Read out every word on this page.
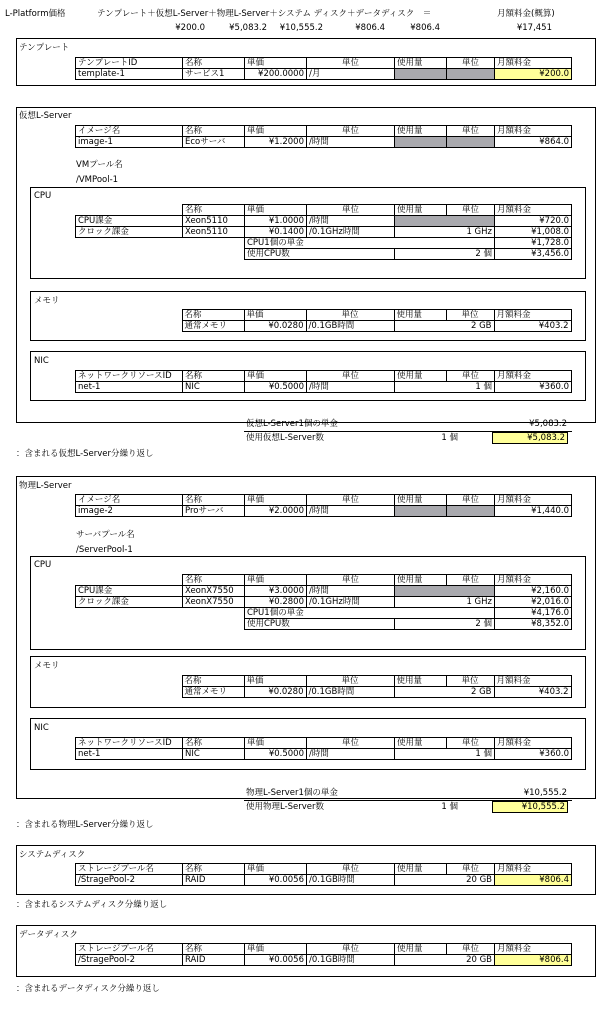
L-Platform価格	テンプレート＋仮想L-Server＋物理L-Server＋システム ディスク＋データディスク　＝	月額料金(概算)
¥200.0	¥5,083.2	¥10,555.2	¥806.4	¥806.4	¥17,451
テンプレート
テンプレートID	名称	単価	単位	使用量	単位	月額料金
template-1	サービス1	¥200.0000	/月			¥200.0
仮想L-Server
イメージ名	名称	単価	単位	使用量	単位	月額料金
image-1	Ecoサーバ	¥1.2000	/時間			¥864.0
VMプール名
/VMPool-1
CPU
	名称	単価	単位	使用量	単位	月額料金
CPU課金	Xeon5110	¥1.0000	/時間			¥720.0
クロック課金	Xeon5110	¥0.1400	/0.1GHz時間	1 GHz		¥1,008.0
		CPU1個の単金				¥1,728.0
		使用CPU数		2 個		¥3,456.0
メモリ
	名称	単価	単位	使用量	単位	月額料金
	通常メモリ	¥0.0280	/0.1GB時間	2 GB		¥403.2
NIC
ネットワークリソースID	名称	単価	単位	使用量	単位	月額料金
net-1	NIC	¥0.5000	/時間	1 個		¥360.0
仮想L-Server1個の単金	¥5,083.2
使用仮想L-Server数	1 個	¥5,083.2
：含まれる仮想L-Server分繰り返し
物理L-Server
イメージ名	名称	単価	単位	使用量	単位	月額料金
image-2	Proサーバ	¥2.0000	/時間			¥1,440.0
サーバプール名
/ServerPool-1
CPU
	名称	単価	単位	使用量	単位	月額料金
CPU課金	XeonX7550	¥3.0000	/時間			¥2,160.0
クロック課金	XeonX7550	¥0.2800	/0.1GHz時間	1 GHz		¥2,016.0
		CPU1個の単金				¥4,176.0
		使用CPU数		2 個		¥8,352.0
メモリ
	名称	単価	単位	使用量	単位	月額料金
	通常メモリ	¥0.0280	/0.1GB時間	2 GB		¥403.2
NIC
ネットワークリソースID	名称	単価	単位	使用量	単位	月額料金
net-1	NIC	¥0.5000	/時間	1 個		¥360.0
物理L-Server1個の単金	¥10,555.2
使用物理L-Server数	1 個	¥10,555.2
：含まれる物理L-Server分繰り返し
システムディスク
ストレージプール名	名称	単価	単位	使用量	単位	月額料金
/StragePool-2	RAID	¥0.0056	/0.1GB時間	20 GB		¥806.4
：含まれるシステムディスク分繰り返し
データディスク
ストレージプール名	名称	単価	単位	使用量	単位	月額料金
/StragePool-2	RAID	¥0.0056	/0.1GB時間	20 GB		¥806.4
：含まれるデータディスク分繰り返し
